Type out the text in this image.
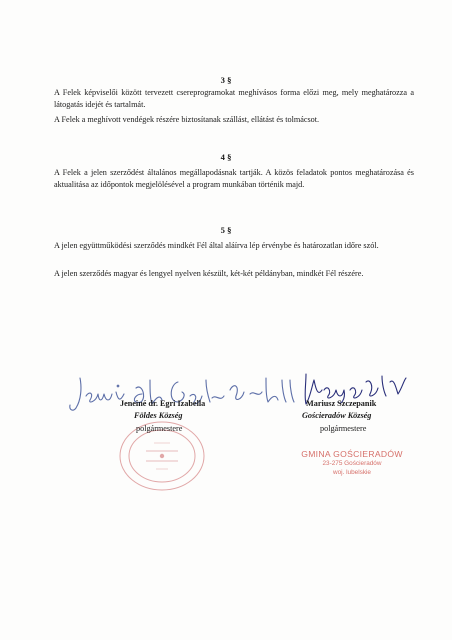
3 §
A Felek képviselői között tervezett csereprogramokat meghívásos forma előzi meg, mely meghatározza a látogatás idejét és tartalmát.
A Felek a meghívott vendégek részére biztosítanak szállást, ellátást és tolmácsot.
4 §
A Felek a jelen szerződést általános megállapodásnak tartják. A közös feladatok pontos meghatározása és aktualitása az időpontok megjelölésével a program munkában történik majd.
5 §
A jelen együttműködési szerződés mindkét Fél által aláírva lép érvénybe és határozatlan időre szól.
A jelen szerződés magyar és lengyel nyelven készült, két-két példányban, mindkét Fél részére.
Jeneiné dr. Egri Izabella
Földes Község
polgármestere
Mariusz Szczepanik
Gościeradów Község
polgármestere
GMINA GOŚCIERADÓW
23-275 Gościeradów
woj. lubelskie
